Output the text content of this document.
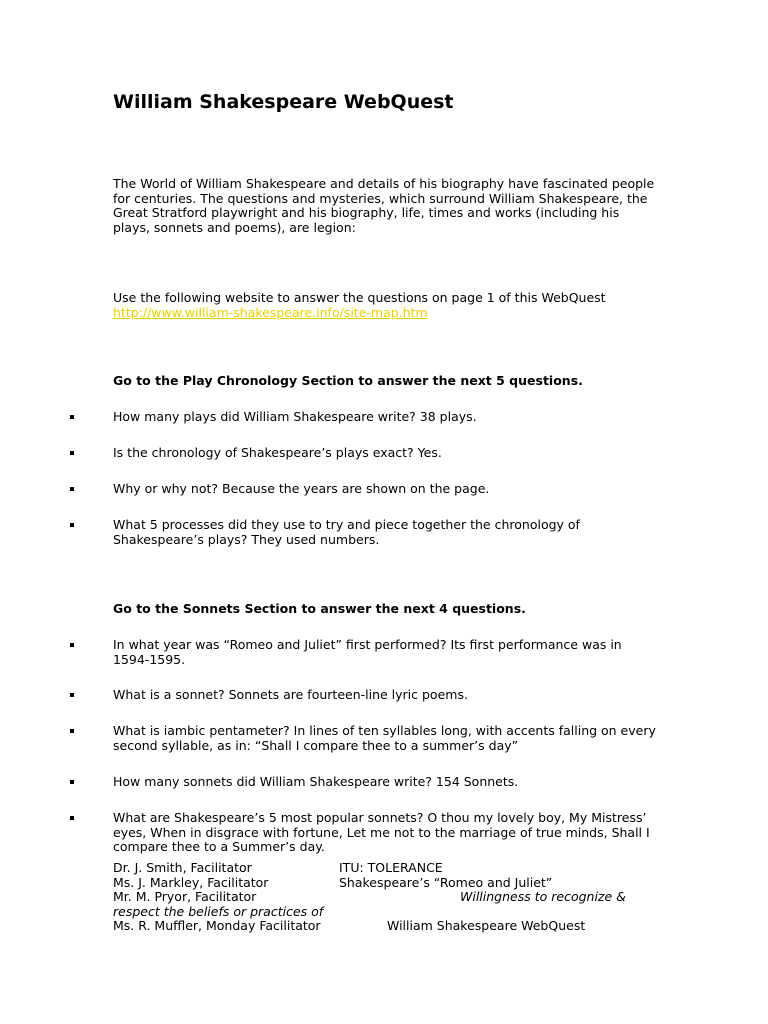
William Shakespeare WebQuest

The World of William Shakespeare and details of his biography have fascinated people for centuries. The questions and mysteries, which surround William Shakespeare, the Great Stratford playwright and his biography, life, times and works (including his plays, sonnets and poems), are legion:

Use the following website to answer the questions on page 1 of this WebQuest
http://www.william-shakespeare.info/site-map.htm

Go to the Play Chronology Section to answer the next 5 questions.

How many plays did William Shakespeare write? 38 plays.
Is the chronology of Shakespeare’s plays exact? Yes.
Why or why not? Because the years are shown on the page.
What 5 processes did they use to try and piece together the chronology of Shakespeare’s plays? They used numbers.

Go to the Sonnets Section to answer the next 4 questions.

In what year was “Romeo and Juliet” first performed? Its first performance was in 1594-1595.
What is a sonnet? Sonnets are fourteen-line lyric poems.
What is iambic pentameter? In lines of ten syllables long, with accents falling on every second syllable, as in: “Shall I compare thee to a summer’s day”
How many sonnets did William Shakespeare write? 154 Sonnets.
What are Shakespeare’s 5 most popular sonnets? O thou my lovely boy, My Mistress’ eyes, When in disgrace with fortune, Let me not to the marriage of true minds, Shall I compare thee to a Summer’s day.
Dr. J. Smith, Facilitator	ITU: TOLERANCE
Ms. J. Markley, Facilitator	Shakespeare’s “Romeo and Juliet”
Mr. M. Pryor, Facilitator	Willingness to recognize &
respect the beliefs or practices of
Ms. R. Muffler, Monday Facilitator	William Shakespeare WebQuest
